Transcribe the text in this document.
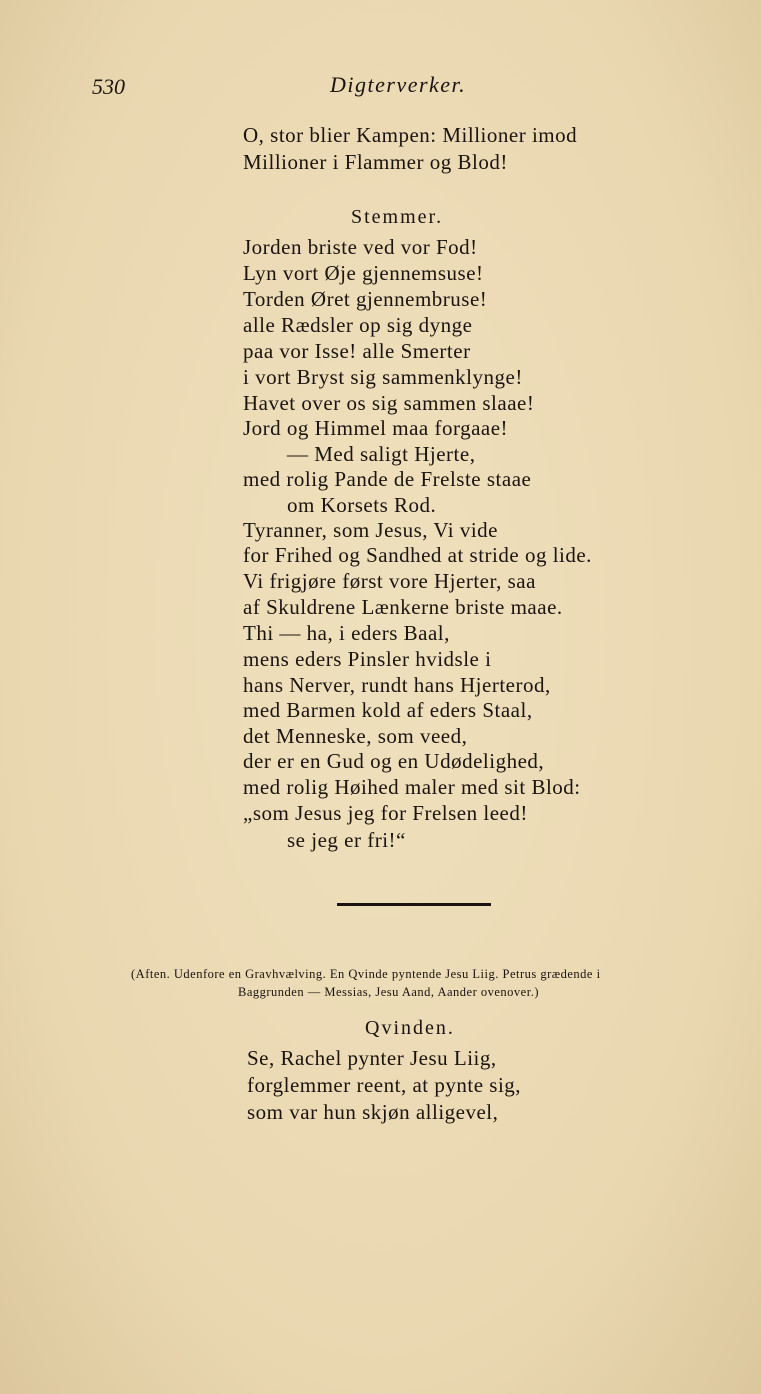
530	Digterverker.
O, stor blier Kampen: Millioner imod
Millioner i Flammer og Blod!
Stemmer.
Jorden briste ved vor Fod!
Lyn vort Øje gjennemsuse!
Torden Øret gjennembruse!
alle Rædsler op sig dynge
paa vor Isse! alle Smerter
i vort Bryst sig sammenklynge!
Havet over os sig sammen slaae!
Jord og Himmel maa forgaae!
— Med saligt Hjerte,
med rolig Pande de Frelste staae
om Korsets Rod.
Tyranner, som Jesus, Vi vide
for Frihed og Sandhed at stride og lide.
Vi frigjøre først vore Hjerter, saa
af Skuldrene Lænkerne briste maae.
Thi — ha, i eders Baal,
mens eders Pinsler hvidsle i
hans Nerver, rundt hans Hjerterod,
med Barmen kold af eders Staal,
det Menneske, som veed,
der er en Gud og en Udødelighed,
med rolig Høihed maler med sit Blod:
„som Jesus jeg for Frelsen leed!
se jeg er fri!“
(Aften. Udenfore en Gravhvælving. En Qvinde pyntende Jesu Liig. Petrus grædende i
Baggrunden — Messias, Jesu Aand, Aander ovenover.)
Qvinden.
Se, Rachel pynter Jesu Liig,
forglemmer reent, at pynte sig,
som var hun skjøn alligevel,
